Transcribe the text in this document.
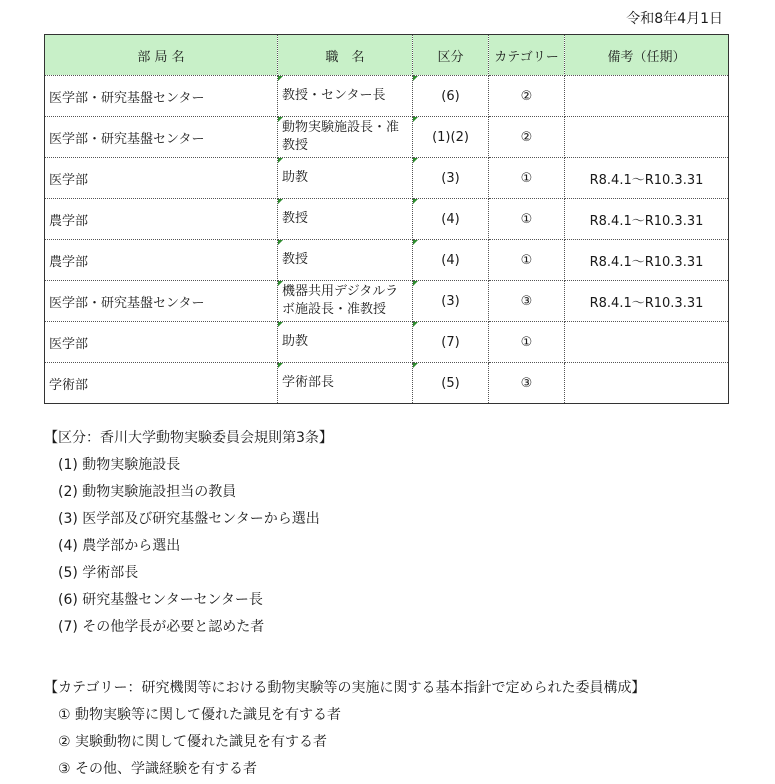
令和8年4月1日
部 局 名	職　名	区分	カテゴリー	備考（任期）
医学部・研究基盤センター	教授・センター長	(6)	②	
医学部・研究基盤センター	動物実験施設長・准教授	(1)(2)	②	
医学部	助教	(3)	①	R8.4.1～R10.3.31
農学部	教授	(4)	①	R8.4.1～R10.3.31
農学部	教授	(4)	①	R8.4.1～R10.3.31
医学部・研究基盤センター	機器共用デジタルラボ施設長・准教授	(3)	③	R8.4.1～R10.3.31
医学部	助教	(7)	①	
学術部	学術部長	(5)	③	
【区分：香川大学動物実験委員会規則第3条】
(1) 動物実験施設長
(2) 動物実験施設担当の教員
(3) 医学部及び研究基盤センターから選出
(4) 農学部から選出
(5) 学術部長
(6) 研究基盤センターセンター長
(7) その他学長が必要と認めた者
【カテゴリー：研究機関等における動物実験等の実施に関する基本指針で定められた委員構成】
① 動物実験等に関して優れた識見を有する者
② 実験動物に関して優れた識見を有する者
③ その他、学識経験を有する者
